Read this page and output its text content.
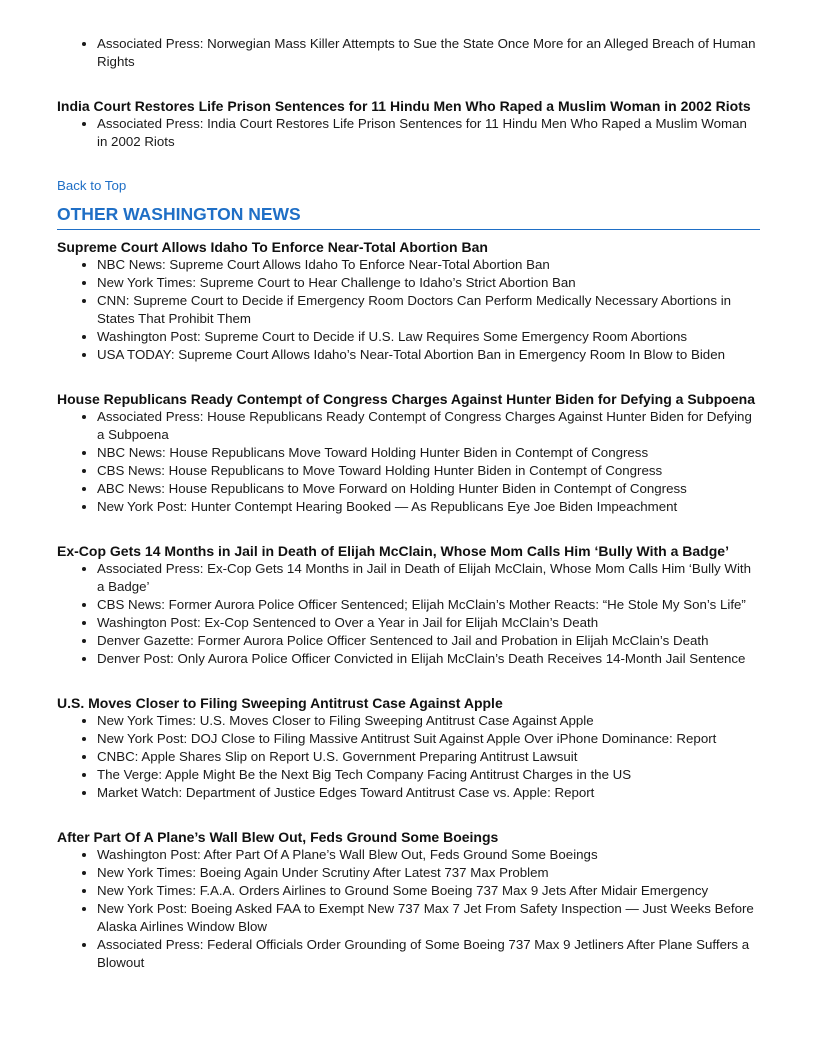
• Associated Press: Norwegian Mass Killer Attempts to Sue the State Once More for an Alleged Breach of Human Rights

India Court Restores Life Prison Sentences for 11 Hindu Men Who Raped a Muslim Woman in 2002 Riots

• Associated Press: India Court Restores Life Prison Sentences for 11 Hindu Men Who Raped a Muslim Woman in 2002 Riots
Back to Top
OTHER WASHINGTON NEWS

Supreme Court Allows Idaho To Enforce Near-Total Abortion Ban

• NBC News: Supreme Court Allows Idaho To Enforce Near-Total Abortion Ban
• New York Times: Supreme Court to Hear Challenge to Idaho’s Strict Abortion Ban
• CNN: Supreme Court to Decide if Emergency Room Doctors Can Perform Medically Necessary Abortions in States That Prohibit Them
• Washington Post: Supreme Court to Decide if U.S. Law Requires Some Emergency Room Abortions
• USA TODAY: Supreme Court Allows Idaho’s Near-Total Abortion Ban in Emergency Room In Blow to Biden

House Republicans Ready Contempt of Congress Charges Against Hunter Biden for Defying a Subpoena

• Associated Press: House Republicans Ready Contempt of Congress Charges Against Hunter Biden for Defying a Subpoena
• NBC News: House Republicans Move Toward Holding Hunter Biden in Contempt of Congress
• CBS News: House Republicans to Move Toward Holding Hunter Biden in Contempt of Congress
• ABC News: House Republicans to Move Forward on Holding Hunter Biden in Contempt of Congress
• New York Post: Hunter Contempt Hearing Booked — As Republicans Eye Joe Biden Impeachment

Ex-Cop Gets 14 Months in Jail in Death of Elijah McClain, Whose Mom Calls Him ‘Bully With a Badge’

• Associated Press: Ex-Cop Gets 14 Months in Jail in Death of Elijah McClain, Whose Mom Calls Him ‘Bully With a Badge’
• CBS News: Former Aurora Police Officer Sentenced; Elijah McClain’s Mother Reacts: “He Stole My Son’s Life”
• Washington Post: Ex-Cop Sentenced to Over a Year in Jail for Elijah McClain’s Death
• Denver Gazette: Former Aurora Police Officer Sentenced to Jail and Probation in Elijah McClain’s Death
• Denver Post: Only Aurora Police Officer Convicted in Elijah McClain’s Death Receives 14-Month Jail Sentence

U.S. Moves Closer to Filing Sweeping Antitrust Case Against Apple

• New York Times: U.S. Moves Closer to Filing Sweeping Antitrust Case Against Apple
• New York Post: DOJ Close to Filing Massive Antitrust Suit Against Apple Over iPhone Dominance: Report
• CNBC: Apple Shares Slip on Report U.S. Government Preparing Antitrust Lawsuit
• The Verge: Apple Might Be the Next Big Tech Company Facing Antitrust Charges in the US
• Market Watch: Department of Justice Edges Toward Antitrust Case vs. Apple: Report

After Part Of A Plane’s Wall Blew Out, Feds Ground Some Boeings

• Washington Post: After Part Of A Plane’s Wall Blew Out, Feds Ground Some Boeings
• New York Times: Boeing Again Under Scrutiny After Latest 737 Max Problem
• New York Times: F.A.A. Orders Airlines to Ground Some Boeing 737 Max 9 Jets After Midair Emergency
• New York Post: Boeing Asked FAA to Exempt New 737 Max 7 Jet From Safety Inspection — Just Weeks Before Alaska Airlines Window Blow
• Associated Press: Federal Officials Order Grounding of Some Boeing 737 Max 9 Jetliners After Plane Suffers a Blowout
